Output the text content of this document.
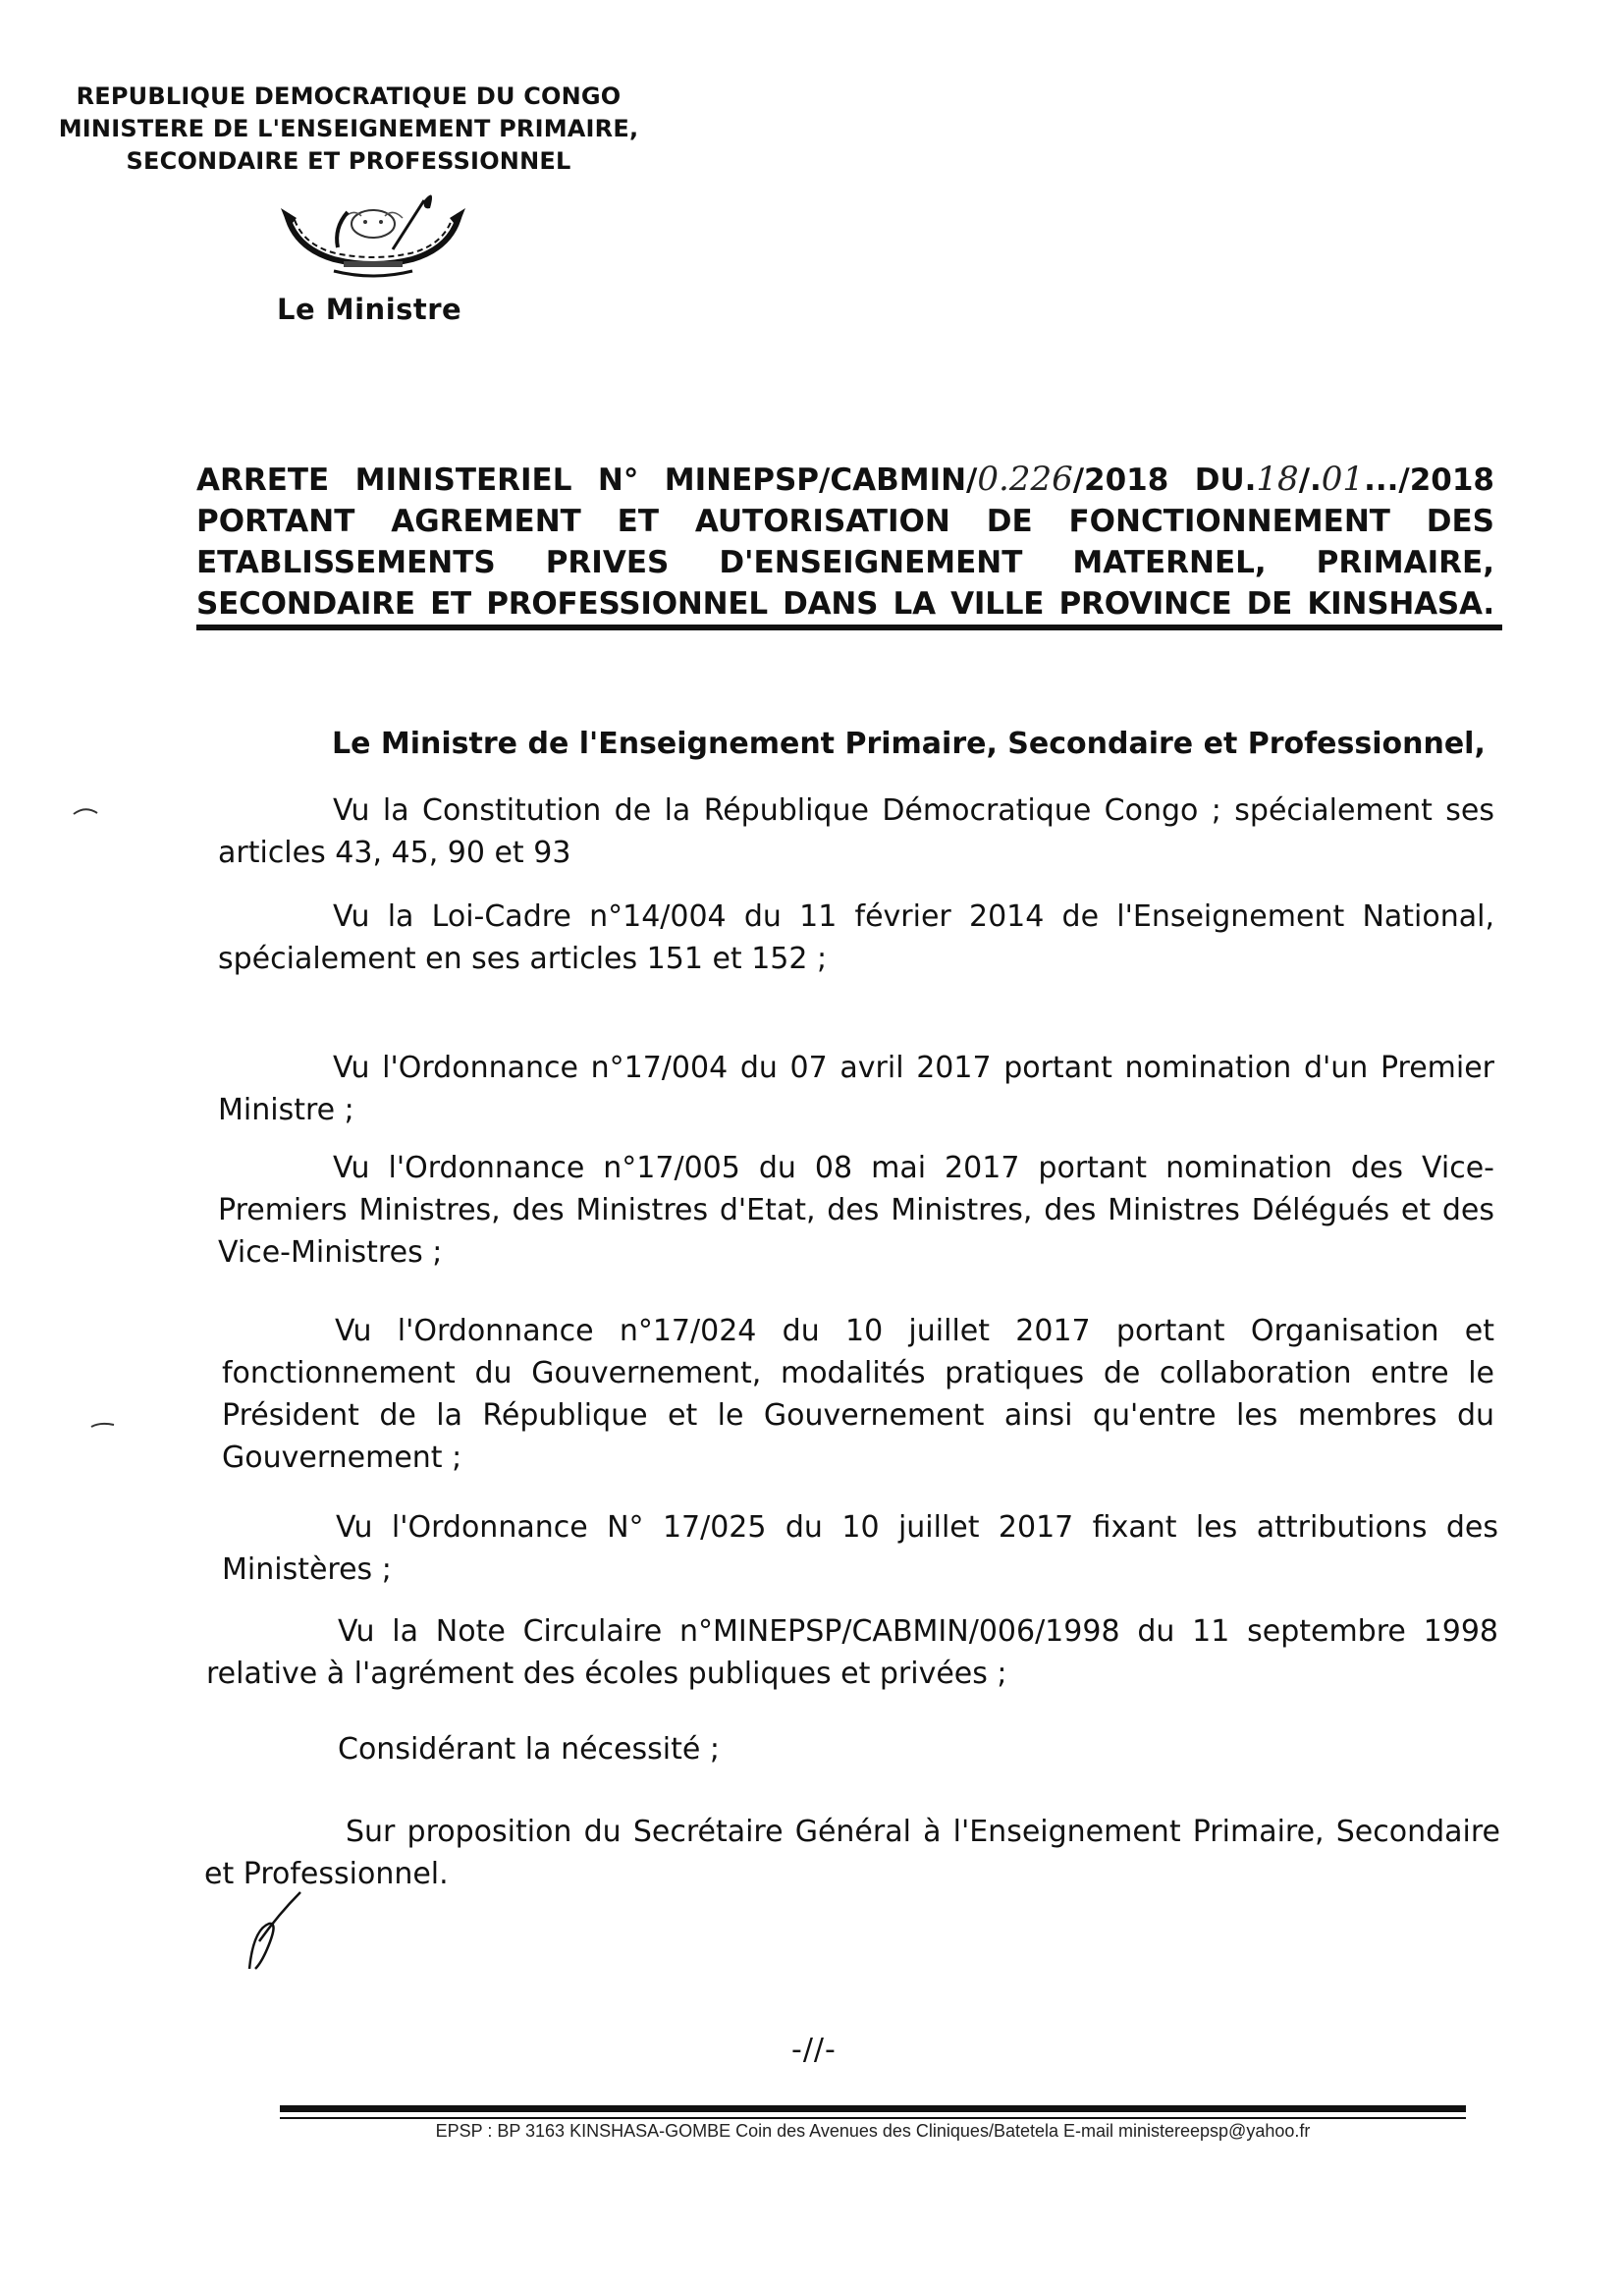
REPUBLIQUE DEMOCRATIQUE DU CONGO
MINISTERE DE L'ENSEIGNEMENT PRIMAIRE,
SECONDAIRE ET PROFESSIONNEL
Le Ministre
ARRETE MINISTERIEL N° MINEPSP/CABMIN/0.226/2018 DU.18/.01.../2018
PORTANT AGREMENT ET AUTORISATION DE FONCTIONNEMENT DES
ETABLISSEMENTS PRIVES D'ENSEIGNEMENT MATERNEL, PRIMAIRE,
SECONDAIRE ET PROFESSIONNEL DANS LA VILLE PROVINCE DE KINSHASA.
Le Ministre de l'Enseignement Primaire, Secondaire et Professionnel,
Vu la Constitution de la République Démocratique Congo ; spécialement ses articles 43, 45, 90 et 93
Vu la Loi-Cadre n°14/004 du 11 février 2014 de l'Enseignement National, spécialement en ses articles 151 et 152 ;
Vu l'Ordonnance n°17/004 du 07 avril 2017 portant nomination d'un Premier Ministre ;
Vu l'Ordonnance n°17/005 du 08 mai 2017 portant nomination des Vice-Premiers Ministres, des Ministres d'Etat, des Ministres, des Ministres Délégués et des Vice-Ministres ;
Vu l'Ordonnance n°17/024 du 10 juillet 2017 portant Organisation et fonctionnement du Gouvernement, modalités pratiques de collaboration entre le Président de la République et le Gouvernement ainsi qu'entre les membres du Gouvernement ;
Vu l'Ordonnance N° 17/025 du 10 juillet 2017 fixant les attributions des Ministères ;
Vu la Note Circulaire n°MINEPSP/CABMIN/006/1998 du 11 septembre 1998 relative à l'agrément des écoles publiques et privées ;
Considérant la nécessité ;
Sur proposition du Secrétaire Général à l'Enseignement Primaire, Secondaire et Professionnel.
-//-
EPSP : BP 3163 KINSHASA-GOMBE Coin des Avenues des Cliniques/Batetela E-mail ministereepsp@yahoo.fr
